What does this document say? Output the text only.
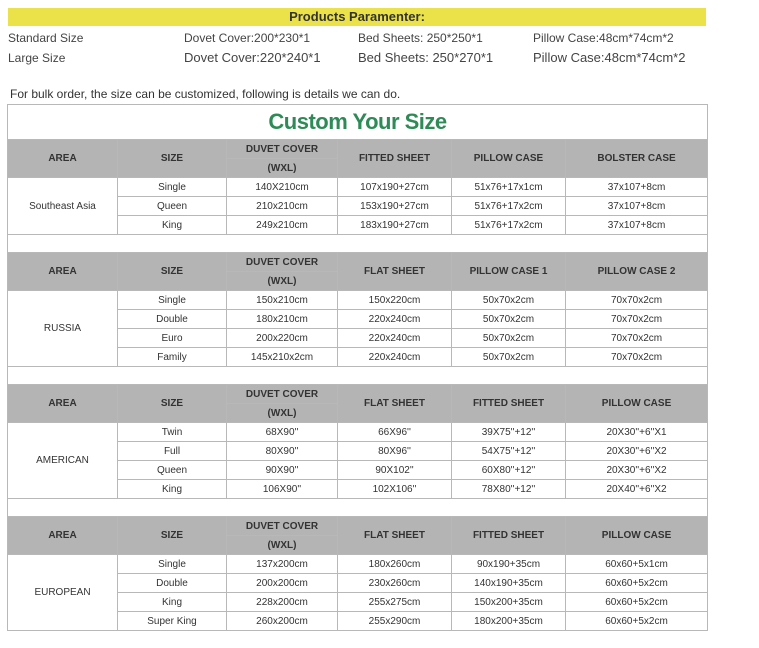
Products Paramenter:
Standard Size	Dovet Cover:200*230*1	Bed Sheets: 250*250*1	Pillow Case:48cm*74cm*2
Large Size	Dovet Cover:220*240*1	Bed Sheets: 250*270*1	Pillow Case:48cm*74cm*2
For bulk order, the size can be customized, following is details we can do.
Custom Your Size					
AREA	SIZE	DUVET COVER	FITTED SHEET	PILLOW CASE	BOLSTER CASE
		(WXL)			
Southeast Asia	Single	140X210cm	107x190+27cm	51x76+17x1cm	37x107+8cm
	Queen	210x210cm	153x190+27cm	51x76+17x2cm	37x107+8cm
	King	249x210cm	183x190+27cm	51x76+17x2cm	37x107+8cm

AREA	SIZE	DUVET COVER	FLAT SHEET	PILLOW CASE 1	PILLOW CASE 2
		(WXL)			
RUSSIA	Single	150x210cm	150x220cm	50x70x2cm	70x70x2cm
	Double	180x210cm	220x240cm	50x70x2cm	70x70x2cm
	Euro	200x220cm	220x240cm	50x70x2cm	70x70x2cm
	Family	145x210x2cm	220x240cm	50x70x2cm	70x70x2cm

AREA	SIZE	DUVET COVER	FLAT SHEET	FITTED SHEET	PILLOW CASE
		(WXL)			
AMERICAN	Twin	68X90''	66X96''	39X75''+12''	20X30''+6''X1
	Full	80X90''	80X96''	54X75''+12''	20X30''+6''X2
	Queen	90X90''	90X102''	60X80''+12''	20X30''+6''X2
	King	106X90''	102X106''	78X80''+12''	20X40''+6''X2

AREA	SIZE	DUVET COVER	FLAT SHEET	FITTED SHEET	PILLOW CASE
		(WXL)			
EUROPEAN	Single	137x200cm	180x260cm	90x190+35cm	60x60+5x1cm
	Double	200x200cm	230x260cm	140x190+35cm	60x60+5x2cm
	King	228x200cm	255x275cm	150x200+35cm	60x60+5x2cm
	Super King	260x200cm	255x290cm	180x200+35cm	60x60+5x2cm
